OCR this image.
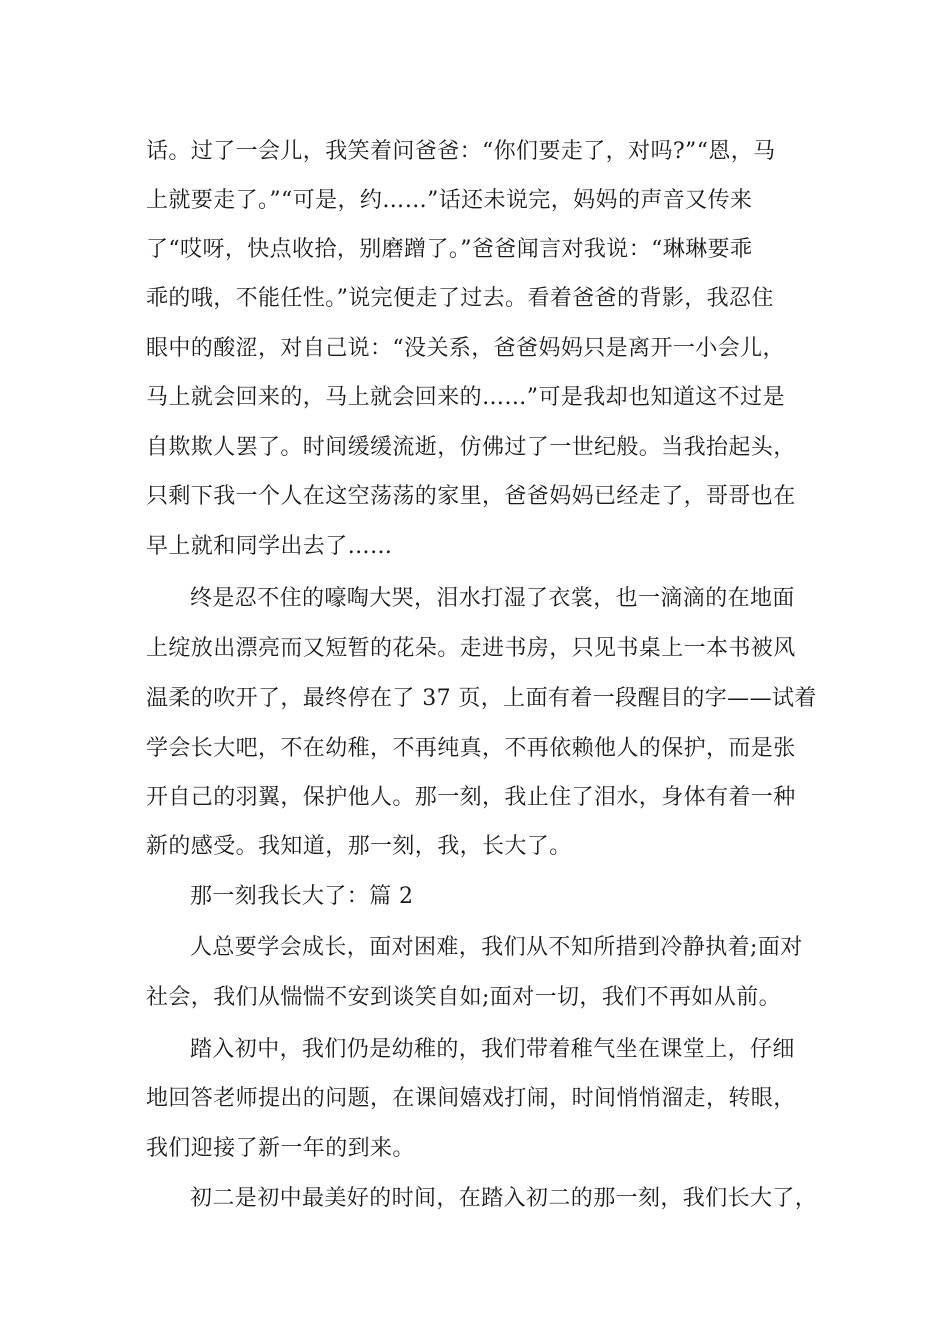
话。过了一会儿，我笑着问爸爸：“你们要走了，对吗?”“恩，马
上就要走了。”“可是，约……”话还未说完，妈妈的声音又传来
了“哎呀，快点收拾，别磨蹭了。”爸爸闻言对我说：“琳琳要乖
乖的哦，不能任性。”说完便走了过去。看着爸爸的背影，我忍住
眼中的酸涩，对自己说：“没关系，爸爸妈妈只是离开一小会儿，
马上就会回来的，马上就会回来的……”可是我却也知道这不过是
自欺欺人罢了。时间缓缓流逝，仿佛过了一世纪般。当我抬起头，
只剩下我一个人在这空荡荡的家里，爸爸妈妈已经走了，哥哥也在
早上就和同学出去了……
终是忍不住的嚎啕大哭，泪水打湿了衣裳，也一滴滴的在地面
上绽放出漂亮而又短暂的花朵。走进书房，只见书桌上一本书被风
温柔的吹开了，最终停在了 37 页，上面有着一段醒目的字——试着
学会长大吧，不在幼稚，不再纯真，不再依赖他人的保护，而是张
开自己的羽翼，保护他人。那一刻，我止住了泪水，身体有着一种
新的感受。我知道，那一刻，我，长大了。
那一刻我长大了：篇 2
人总要学会成长，面对困难，我们从不知所措到冷静执着;面对
社会，我们从惴惴不安到谈笑自如;面对一切，我们不再如从前。
踏入初中，我们仍是幼稚的，我们带着稚气坐在课堂上，仔细
地回答老师提出的问题，在课间嬉戏打闹，时间悄悄溜走，转眼，
我们迎接了新一年的到来。
初二是初中最美好的时间，在踏入初二的那一刻，我们长大了，
